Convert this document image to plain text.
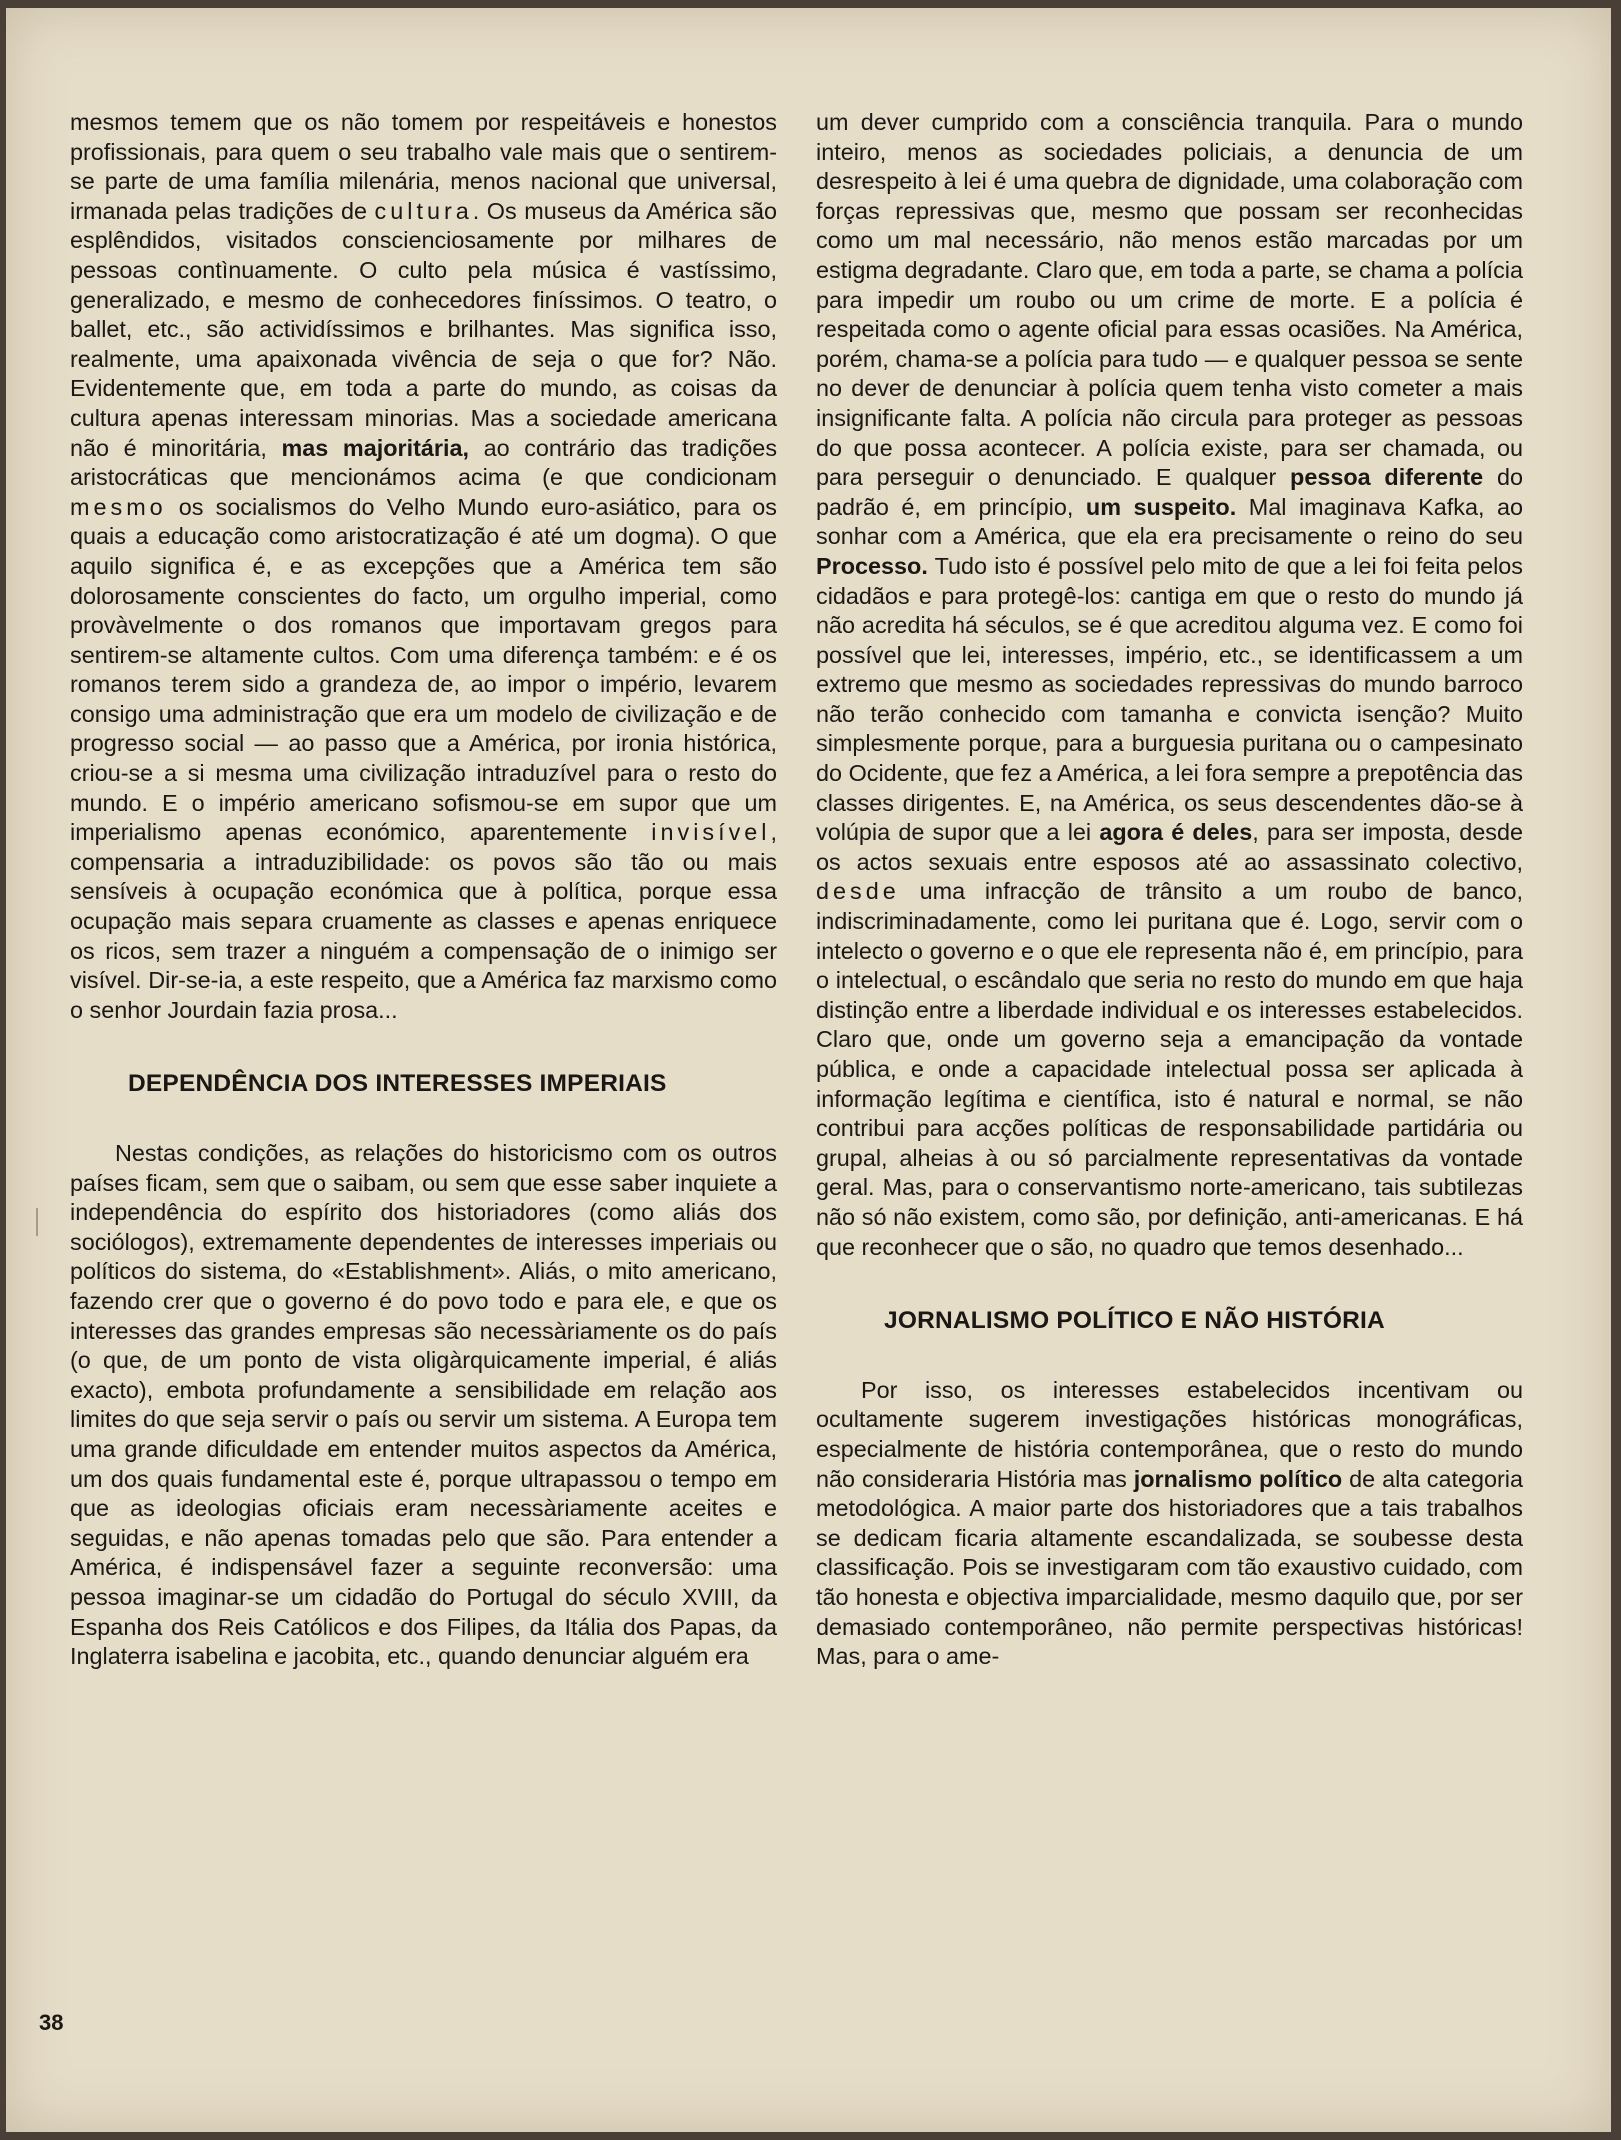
mesmos temem que os não tomem por respeitáveis e honestos profissionais, para quem o seu trabalho vale mais que o sentirem-se parte de uma família milenária, menos nacional que universal, irmanada pelas tradições de cultura. Os museus da América são esplêndidos, visitados conscienciosamente por milhares de pessoas contìnuamente. O culto pela música é vastíssimo, generalizado, e mesmo de conhecedores finíssimos. O teatro, o ballet, etc., são actividíssimos e brilhantes. Mas significa isso, realmente, uma apaixonada vivência de seja o que for? Não. Evidentemente que, em toda a parte do mundo, as coisas da cultura apenas interessam minorias. Mas a sociedade americana não é minoritária, mas majoritária, ao contrário das tradições aristocráticas que mencionámos acima (e que condicionam mesmo os socialismos do Velho Mundo euro-asiático, para os quais a educação como aristocratização é até um dogma). O que aquilo significa é, e as excepções que a América tem são dolorosamente conscientes do facto, um orgulho imperial, como provàvelmente o dos romanos que importavam gregos para sentirem-se altamente cultos. Com uma diferença também: e é os romanos terem sido a grandeza de, ao impor o império, levarem consigo uma administração que era um modelo de civilização e de progresso social — ao passo que a América, por ironia histórica, criou-se a si mesma uma civilização intraduzível para o resto do mundo. E o império americano sofismou-se em supor que um imperialismo apenas económico, aparentemente invisível, compensaria a intraduzibilidade: os povos são tão ou mais sensíveis à ocupação económica que à política, porque essa ocupação mais separa cruamente as classes e apenas enriquece os ricos, sem trazer a ninguém a compensação de o inimigo ser visível. Dir-se-ia, a este respeito, que a América faz marxismo como o senhor Jourdain fazia prosa...

DEPENDÊNCIA DOS INTERESSES IMPERIAIS

Nestas condições, as relações do historicismo com os outros países ficam, sem que o saibam, ou sem que esse saber inquiete a independência do espírito dos historiadores (como aliás dos sociólogos), extremamente dependentes de interesses imperiais ou políticos do sistema, do «Establishment». Aliás, o mito americano, fazendo crer que o governo é do povo todo e para ele, e que os interesses das grandes empresas são necessàriamente os do país (o que, de um ponto de vista oligàrquicamente imperial, é aliás exacto), embota profundamente a sensibilidade em relação aos limites do que seja servir o país ou servir um sistema. A Europa tem uma grande dificuldade em entender muitos aspectos da América, um dos quais fundamental este é, porque ultrapassou o tempo em que as ideologias oficiais eram necessàriamente aceites e seguidas, e não apenas tomadas pelo que são. Para entender a América, é indispensável fazer a seguinte reconversão: uma pessoa imaginar-se um cidadão do Portugal do século XVIII, da Espanha dos Reis Católicos e dos Filipes, da Itália dos Papas, da Inglaterra isabelina e jacobita, etc., quando denunciar alguém era

um dever cumprido com a consciência tranquila. Para o mundo inteiro, menos as sociedades policiais, a denuncia de um desrespeito à lei é uma quebra de dignidade, uma colaboração com forças repressivas que, mesmo que possam ser reconhecidas como um mal necessário, não menos estão marcadas por um estigma degradante. Claro que, em toda a parte, se chama a polícia para impedir um roubo ou um crime de morte. E a polícia é respeitada como o agente oficial para essas ocasiões. Na América, porém, chama-se a polícia para tudo — e qualquer pessoa se sente no dever de denunciar à polícia quem tenha visto cometer a mais insignificante falta. A polícia não circula para proteger as pessoas do que possa acontecer. A polícia existe, para ser chamada, ou para perseguir o denunciado. E qualquer pessoa diferente do padrão é, em princípio, um suspeito. Mal imaginava Kafka, ao sonhar com a América, que ela era precisamente o reino do seu Processo. Tudo isto é possível pelo mito de que a lei foi feita pelos cidadãos e para protegê-los: cantiga em que o resto do mundo já não acredita há séculos, se é que acreditou alguma vez. E como foi possível que lei, interesses, império, etc., se identificassem a um extremo que mesmo as sociedades repressivas do mundo barroco não terão conhecido com tamanha e convicta isenção? Muito simplesmente porque, para a burguesia puritana ou o campesinato do Ocidente, que fez a América, a lei fora sempre a prepotência das classes dirigentes. E, na América, os seus descendentes dão-se à volúpia de supor que a lei agora é deles, para ser imposta, desde os actos sexuais entre esposos até ao assassinato colectivo, desde uma infracção de trânsito a um roubo de banco, indiscriminadamente, como lei puritana que é. Logo, servir com o intelecto o governo e o que ele representa não é, em princípio, para o intelectual, o escândalo que seria no resto do mundo em que haja distinção entre a liberdade individual e os interesses estabelecidos. Claro que, onde um governo seja a emancipação da vontade pública, e onde a capacidade intelectual possa ser aplicada à informação legítima e científica, isto é natural e normal, se não contribui para acções políticas de responsabilidade partidária ou grupal, alheias à ou só parcialmente representativas da vontade geral. Mas, para o conservantismo norte-americano, tais subtilezas não só não existem, como são, por definição, anti-americanas. E há que reconhecer que o são, no quadro que temos desenhado...

JORNALISMO POLÍTICO E NÃO HISTÓRIA

Por isso, os interesses estabelecidos incentivam ou ocultamente sugerem investigações históricas monográficas, especialmente de história contemporânea, que o resto do mundo não consideraria História mas jornalismo político de alta categoria metodológica. A maior parte dos historiadores que a tais trabalhos se dedicam ficaria altamente escandalizada, se soubesse desta classificação. Pois se investigaram com tão exaustivo cuidado, com tão honesta e objectiva imparcialidade, mesmo daquilo que, por ser demasiado contemporâneo, não permite perspectivas históricas! Mas, para o ame-

38
